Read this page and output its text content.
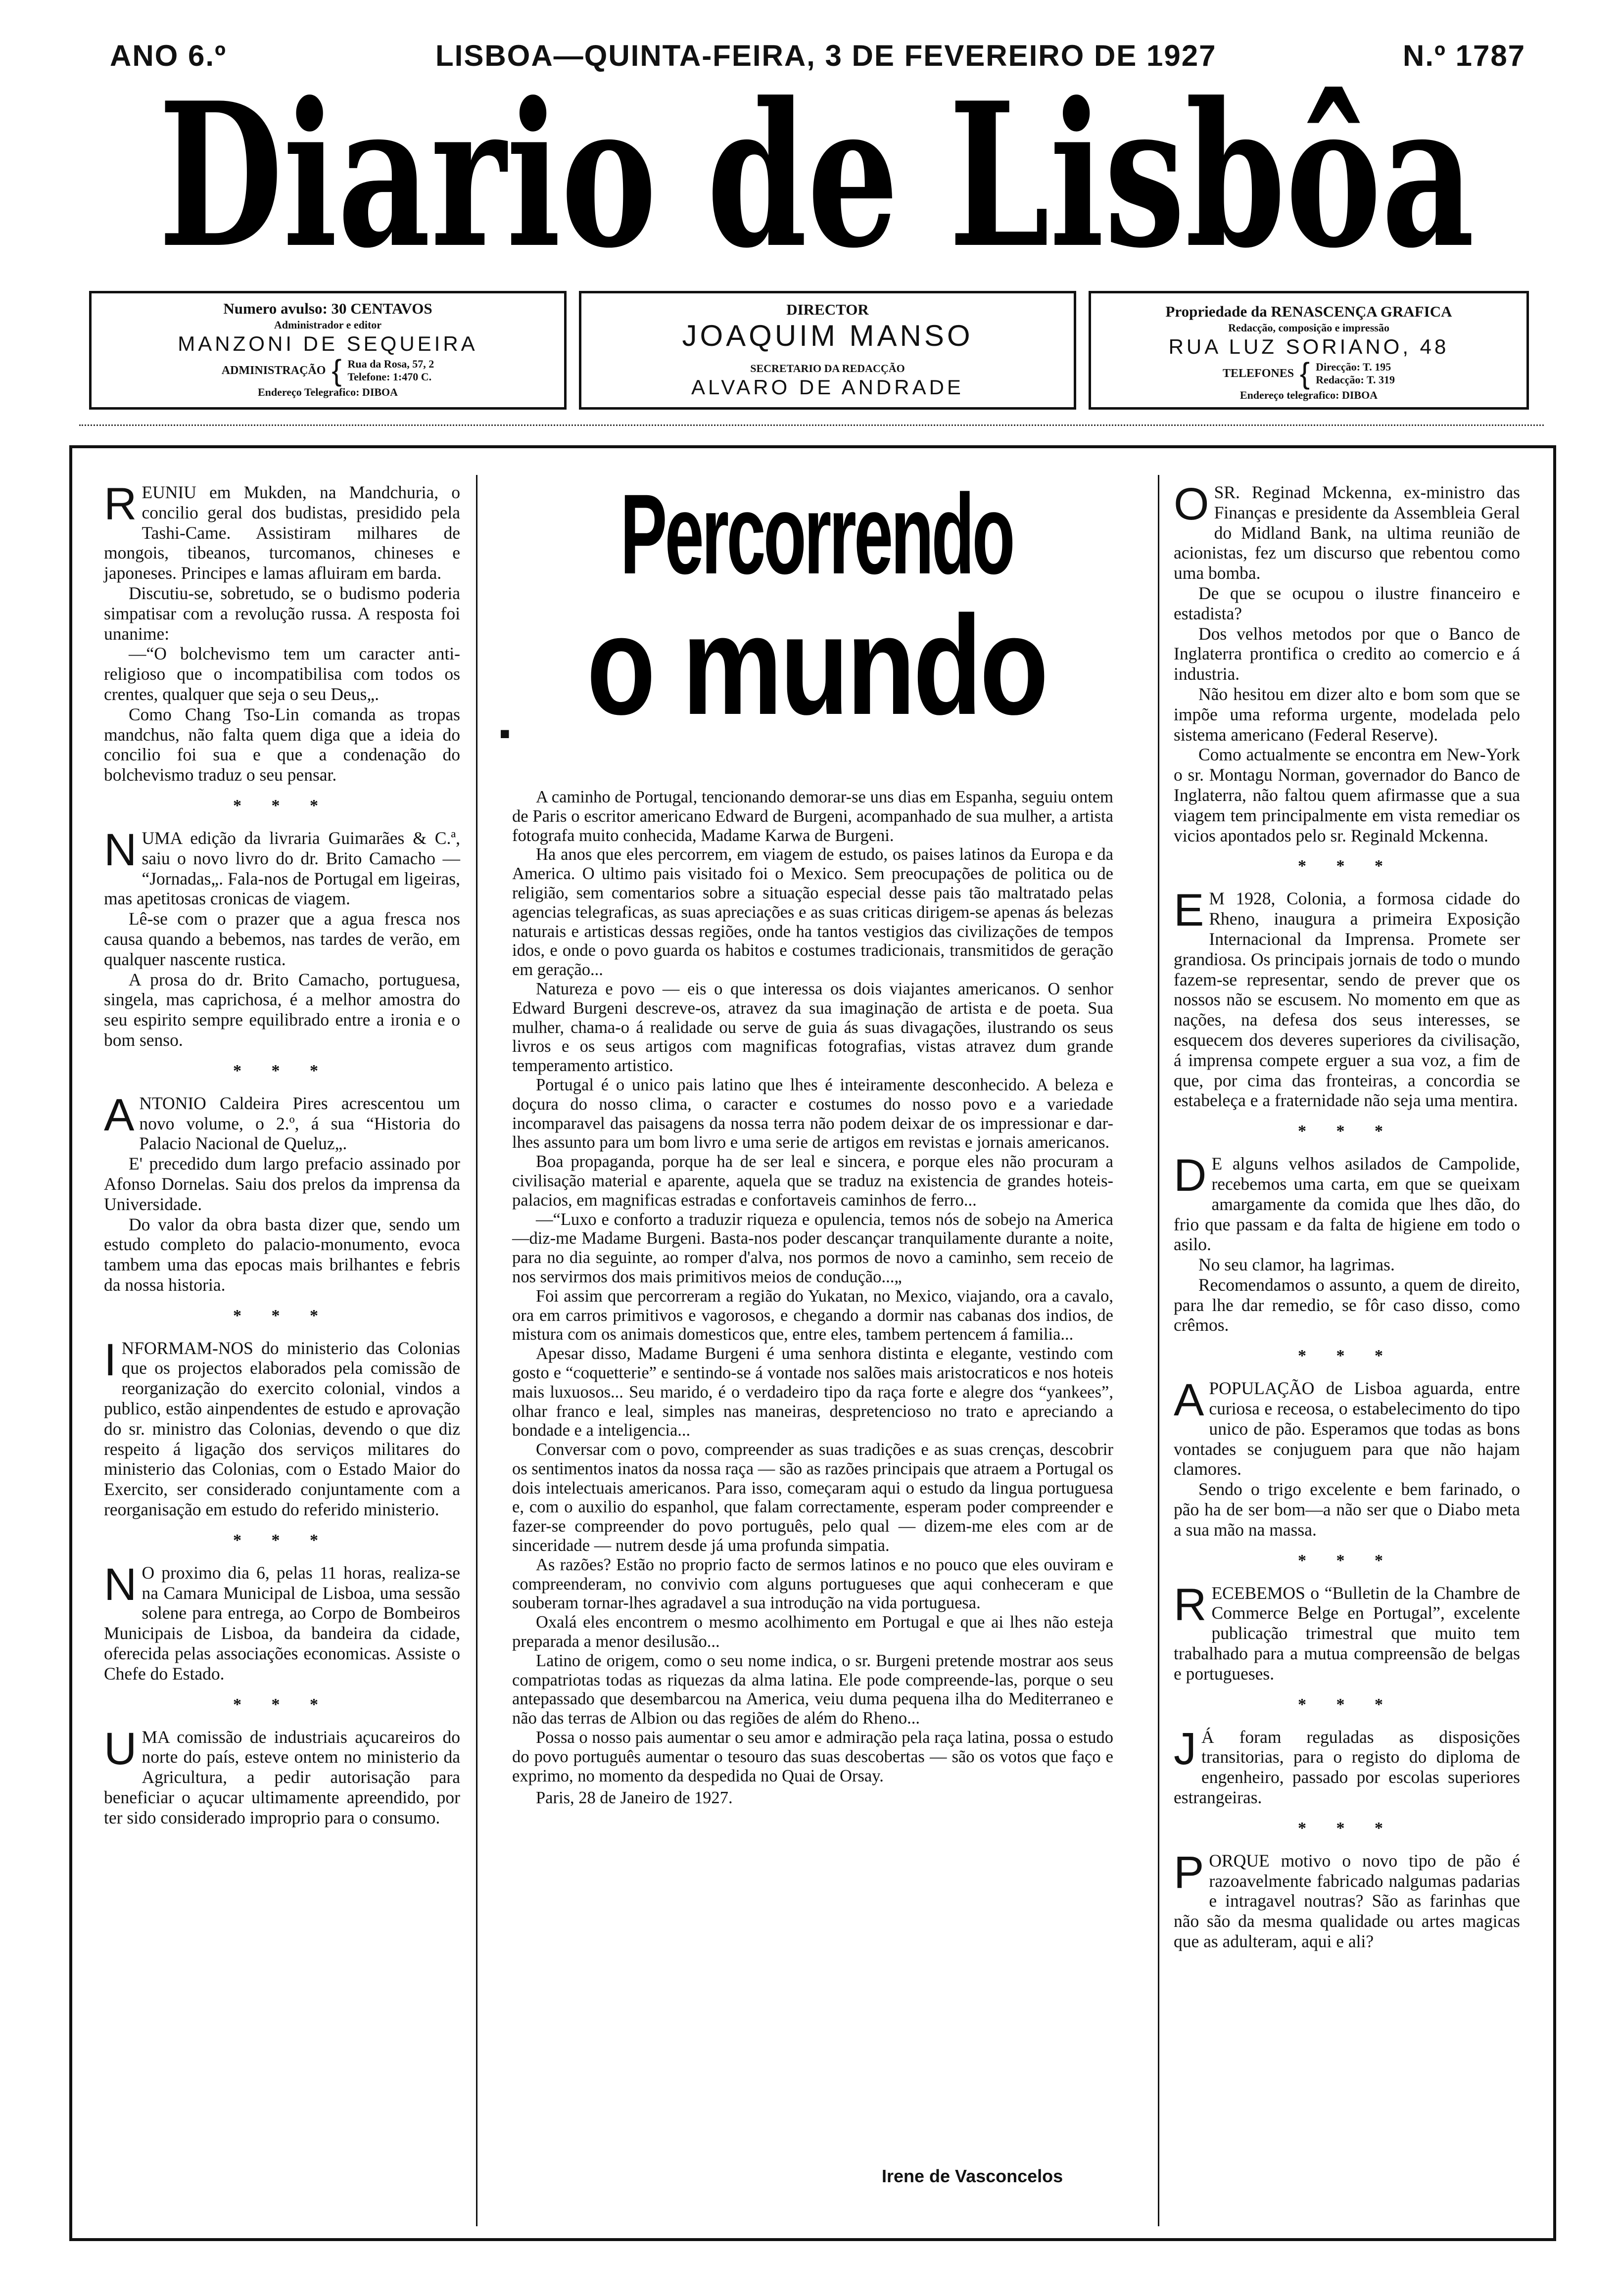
ANO 6.º	LISBOA—QUINTA-FEIRA, 3 DE FEVEREIRO DE 1927	N.º 1787
Diario de Lisbôa
Numero avulso: 30 CENTAVOS
Administrador e editor
MANZONI DE SEQUEIRA
ADMINISTRAÇÃO { Rua da Rosa, 57, 2
Telefone: 1:470 C.
Endereço Telegrafico: DIBOA
DIRECTOR
JOAQUIM MANSO
SECRETARIO DA REDACÇÃO
ALVARO DE ANDRADE
Propriedade da RENASCENÇA GRAFICA
Redacção, composição e impressão
RUA LUZ SORIANO, 48
TELEFONES { Direcção: T. 195
Redacção: T. 319
Endereço telegrafico: DIBOA

REUNIU em Mukden, na Mandchuria, o concilio geral dos budistas, presidido pela Tashi-Came. Assistiram milhares de mongois, tibeanos, turcomanos, chineses e japoneses. Principes e lamas afluiram em barda.

Discutiu-se, sobretudo, se o budismo poderia simpatisar com a revolução russa. A resposta foi unanime:

—“O bolchevismo tem um caracter anti-religioso que o incompatibilisa com todos os crentes, qualquer que seja o seu Deus„.

Como Chang Tso-Lin comanda as tropas mandchus, não falta quem diga que a ideia do concilio foi sua e que a condenação do bolchevismo traduz o seu pensar.

* * *

NUMA edição da livraria Guimarães & C.ª, saiu o novo livro do dr. Brito Camacho — “Jornadas„. Fala-nos de Portugal em ligeiras, mas apetitosas cronicas de viagem.

Lê-se com o prazer que a agua fresca nos causa quando a bebemos, nas tardes de verão, em qualquer nascente rustica.

A prosa do dr. Brito Camacho, portuguesa, singela, mas caprichosa, é a melhor amostra do seu espirito sempre equilibrado entre a ironia e o bom senso.

* * *

ANTONIO Caldeira Pires acrescentou um novo volume, o 2.º, á sua “Historia do Palacio Nacional de Queluz„.

E' precedido dum largo prefacio assinado por Afonso Dornelas. Saiu dos prelos da imprensa da Universidade.

Do valor da obra basta dizer que, sendo um estudo completo do palacio-monumento, evoca tambem uma das epocas mais brilhantes e febris da nossa historia.

* * *

INFORMAM-NOS do ministerio das Colonias que os projectos elaborados pela comissão de reorganização do exercito colonial, vindos a publico, estão ainpendentes de estudo e aprovação do sr. ministro das Colonias, devendo o que diz respeito á ligação dos serviços militares do ministerio das Colonias, com o Estado Maior do Exercito, ser considerado conjuntamente com a reorganisação em estudo do referido ministerio.

* * *

N O proximo dia 6, pelas 11 horas, realiza-se na Camara Municipal de Lisboa, uma sessão solene para entrega, ao Corpo de Bombeiros Municipais de Lisboa, da bandeira da cidade, oferecida pelas associações economicas. Assiste o Chefe do Estado.

* * *

UMA comissão de industriais açucareiros do norte do país, esteve ontem no ministerio da Agricultura, a pedir autorisação para beneficiar o açucar ultimamente apreendido, por ter sido considerado improprio para o consumo.

Percorrendo
o mundo
■

A caminho de Portugal, tencionando demorar-se uns dias em Espanha, seguiu ontem de Paris o escritor americano Edward de Burgeni, acompanhado de sua mulher, a artista fotografa muito conhecida, Madame Karwa de Burgeni.

Ha anos que eles percorrem, em viagem de estudo, os paises latinos da Europa e da America. O ultimo pais visitado foi o Mexico. Sem preocupações de politica ou de religião, sem comentarios sobre a situação especial desse pais tão maltratado pelas agencias telegraficas, as suas apreciações e as suas criticas dirigem-se apenas ás belezas naturais e artisticas dessas regiões, onde ha tantos vestigios das civilizações de tempos idos, e onde o povo guarda os habitos e costumes tradicionais, transmitidos de geração em geração...

Natureza e povo — eis o que interessa os dois viajantes americanos. O senhor Edward Burgeni descreve-os, atravez da sua imaginação de artista e de poeta. Sua mulher, chama-o á realidade ou serve de guia ás suas divagações, ilustrando os seus livros e os seus artigos com magnificas fotografias, vistas atravez dum grande temperamento artistico.

Portugal é o unico pais latino que lhes é inteiramente desconhecido. A beleza e doçura do nosso clima, o caracter e costumes do nosso povo e a variedade incomparavel das paisagens da nossa terra não podem deixar de os impressionar e dar-lhes assunto para um bom livro e uma serie de artigos em revistas e jornais americanos.

Boa propaganda, porque ha de ser leal e sincera, e porque eles não procuram a civilisação material e aparente, aquela que se traduz na existencia de grandes hoteis-palacios, em magnificas estradas e confortaveis caminhos de ferro...

—“Luxo e conforto a traduzir riqueza e opulencia, temos nós de sobejo na America—diz-me Madame Burgeni. Basta-nos poder descançar tranquilamente durante a noite, para no dia seguinte, ao romper d'alva, nos pormos de novo a caminho, sem receio de nos servirmos dos mais primitivos meios de condução...„

Foi assim que percorreram a região do Yukatan, no Mexico, viajando, ora a cavalo, ora em carros primitivos e vagorosos, e chegando a dormir nas cabanas dos indios, de mistura com os animais domesticos que, entre eles, tambem pertencem á familia...

Apesar disso, Madame Burgeni é uma senhora distinta e elegante, vestindo com gosto e “coquetterie” e sentindo-se á vontade nos salões mais aristocraticos e nos hoteis mais luxuosos... Seu marido, é o verdadeiro tipo da raça forte e alegre dos “yankees”, olhar franco e leal, simples nas maneiras, despretencioso no trato e apreciando a bondade e a inteligencia...

Conversar com o povo, compreender as suas tradições e as suas crenças, descobrir os sentimentos inatos da nossa raça — são as razões principais que atraem a Portugal os dois intelectuais americanos. Para isso, começaram aqui o estudo da lingua portuguesa e, com o auxilio do espanhol, que falam correctamente, esperam poder compreender e fazer-se compreender do povo português, pelo qual — dizem-me eles com ar de sinceridade — nutrem desde já uma profunda simpatia.

As razões? Estão no proprio facto de sermos latinos e no pouco que eles ouviram e compreenderam, no convivio com alguns portugueses que aqui conheceram e que souberam tornar-lhes agradavel a sua introdução na vida portuguesa.

Oxalá eles encontrem o mesmo acolhimento em Portugal e que ai lhes não esteja preparada a menor desilusão...

Latino de origem, como o seu nome indica, o sr. Burgeni pretende mostrar aos seus compatriotas todas as riquezas da alma latina. Ele pode compreende-las, porque o seu antepassado que desembarcou na America, veiu duma pequena ilha do Mediterraneo e não das terras de Albion ou das regiões de além do Rheno...

Possa o nosso pais aumentar o seu amor e admiração pela raça latina, possa o estudo do povo português aumentar o tesouro das suas descobertas — são os votos que faço e exprimo, no momento da despedida no Quai de Orsay.

Paris, 28 de Janeiro de 1927.

Irene de Vasconcelos

OSR. Reginad Mckenna, ex-ministro das Finanças e presidente da Assembleia Geral do Midland Bank, na ultima reunião de acionistas, fez um discurso que rebentou como uma bomba.

De que se ocupou o ilustre financeiro e estadista?

Dos velhos metodos por que o Banco de Inglaterra prontifica o credito ao comercio e á industria.

Não hesitou em dizer alto e bom som que se impõe uma reforma urgente, modelada pelo sistema americano (Federal Reserve).

Como actualmente se encontra em New-York o sr. Montagu Norman, governador do Banco de Inglaterra, não faltou quem afirmasse que a sua viagem tem principalmente em vista remediar os vicios apontados pelo sr. Reginald Mckenna.

* * *

E M 1928, Colonia, a formosa cidade do Rheno, inaugura a primeira Exposição Internacional da Imprensa. Promete ser grandiosa. Os principais jornais de todo o mundo fazem-se representar, sendo de prever que os nossos não se escusem. No momento em que as nações, na defesa dos seus interesses, se esquecem dos deveres superiores da civilisação, á imprensa compete erguer a sua voz, a fim de que, por cima das fronteiras, a concordia se estabeleça e a fraternidade não seja uma mentira.

* * *

D E alguns velhos asilados de Campolide, recebemos uma carta, em que se queixam amargamente da comida que lhes dão, do frio que passam e da falta de higiene em todo o asilo.

No seu clamor, ha lagrimas.

Recomendamos o assunto, a quem de direito, para lhe dar remedio, se fôr caso disso, como crêmos.

* * *

APOPULAÇÃO de Lisboa aguarda, entre curiosa e receosa, o estabelecimento do tipo unico de pão. Esperamos que todas as bons vontades se conjuguem para que não hajam clamores.

Sendo o trigo excelente e bem farinado, o pão ha de ser bom—a não ser que o Diabo meta a sua mão na massa.

* * *

RECEBEMOS o “Bulletin de la Chambre de Commerce Belge en Portugal”, excelente publicação trimestral que muito tem trabalhado para a mutua compreensão de belgas e portugueses.

* * *

J Á foram reguladas as disposições transitorias, para o registo do diploma de engenheiro, passado por escolas superiores estrangeiras.

* * *

PORQUE motivo o novo tipo de pão é razoavelmente fabricado nalgumas padarias e intragavel noutras? São as farinhas que não são da mesma qualidade ou artes magicas que as adulteram, aqui e ali?
